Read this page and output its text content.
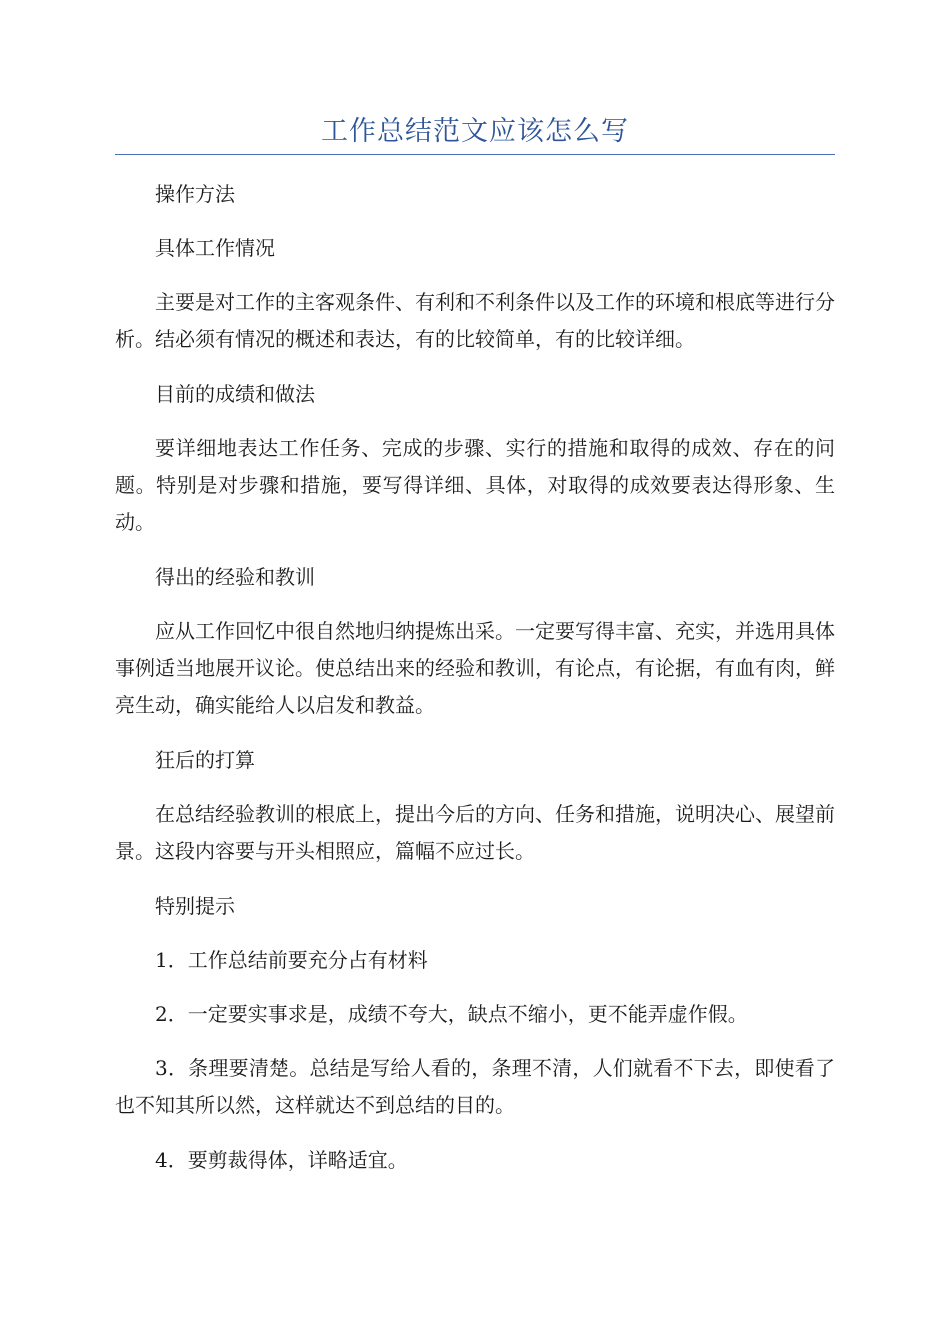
工作总结范文应该怎么写

操作方法

具体工作情况

主要是对工作的主客观条件、有利和不利条件以及工作的环境和根底等进行分析。结必须有情况的概述和表达，有的比较简单，有的比较详细。

目前的成绩和做法

要详细地表达工作任务、完成的步骤、实行的措施和取得的成效、存在的问题。特别是对步骤和措施，要写得详细、具体，对取得的成效要表达得形象、生动。

得出的经验和教训

应从工作回忆中很自然地归纳提炼出采。一定要写得丰富、充实，并选用具体事例适当地展开议论。使总结出来的经验和教训，有论点，有论据，有血有肉，鲜亮生动，确实能给人以启发和教益。

狂后的打算

在总结经验教训的根底上，提出今后的方向、任务和措施，说明决心、展望前景。这段内容要与开头相照应，篇幅不应过长。

特别提示

1．工作总结前要充分占有材料

2．一定要实事求是，成绩不夸大，缺点不缩小，更不能弄虚作假。

3．条理要清楚。总结是写给人看的，条理不清，人们就看不下去，即使看了也不知其所以然，这样就达不到总结的目的。

4．要剪裁得体，详略适宜。
